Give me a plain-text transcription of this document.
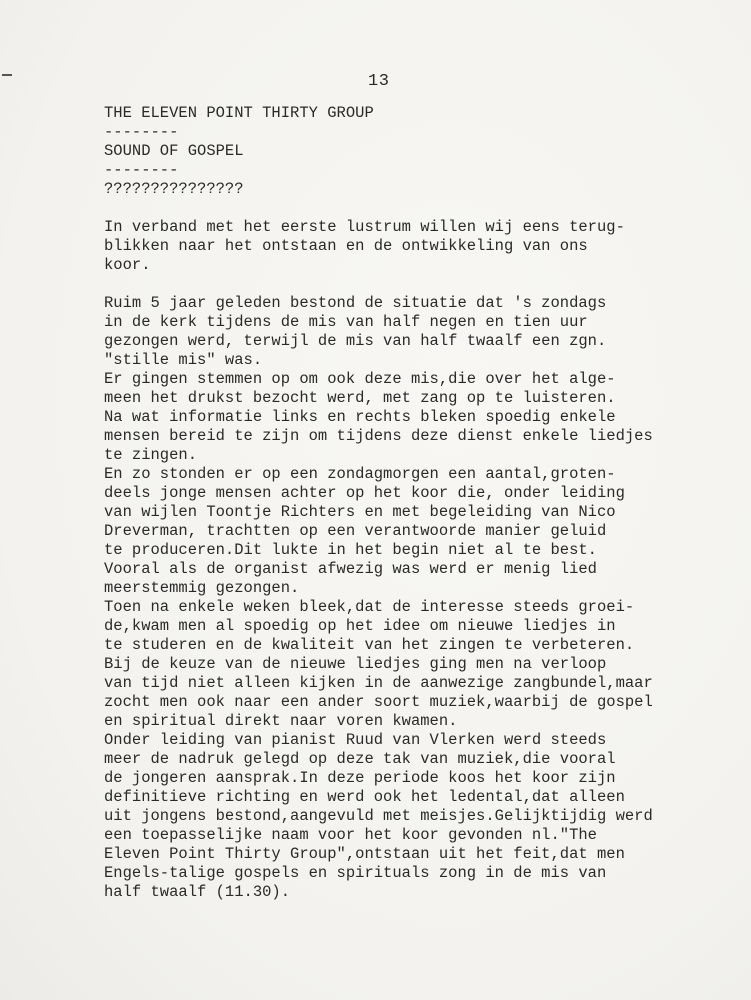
13
THE ELEVEN POINT THIRTY GROUP
--------
SOUND OF GOSPEL
--------
???????????????
In verband met het eerste lustrum willen wij eens terug-
blikken naar het ontstaan en de ontwikkeling van ons
koor.
Ruim 5 jaar geleden bestond de situatie dat 's zondags
in de kerk tijdens de mis van half negen en tien uur
gezongen werd, terwijl de mis van half twaalf een zgn.
"stille mis" was.
Er gingen stemmen op om ook deze mis,die over het alge-
meen het drukst bezocht werd, met zang op te luisteren.
Na wat informatie links en rechts bleken spoedig enkele
mensen bereid te zijn om tijdens deze dienst enkele liedjes
te zingen.
En zo stonden er op een zondagmorgen een aantal,groten-
deels jonge mensen achter op het koor die, onder leiding
van wijlen Toontje Richters en met begeleiding van Nico
Dreverman, trachtten op een verantwoorde manier geluid
te produceren.Dit lukte in het begin niet al te best.
Vooral als de organist afwezig was werd er menig lied
meerstemmig gezongen.
Toen na enkele weken bleek,dat de interesse steeds groei-
de,kwam men al spoedig op het idee om nieuwe liedjes in
te studeren en de kwaliteit van het zingen te verbeteren.
Bij de keuze van de nieuwe liedjes ging men na verloop
van tijd niet alleen kijken in de aanwezige zangbundel,maar
zocht men ook naar een ander soort muziek,waarbij de gospel
en spiritual direkt naar voren kwamen.
Onder leiding van pianist Ruud van Vlerken werd steeds
meer de nadruk gelegd op deze tak van muziek,die vooral
de jongeren aansprak.In deze periode koos het koor zijn
definitieve richting en werd ook het ledental,dat alleen
uit jongens bestond,aangevuld met meisjes.Gelijktijdig werd
een toepasselijke naam voor het koor gevonden nl."The
Eleven Point Thirty Group",ontstaan uit het feit,dat men
Engels-talige gospels en spirituals zong in de mis van
half twaalf (11.30).
